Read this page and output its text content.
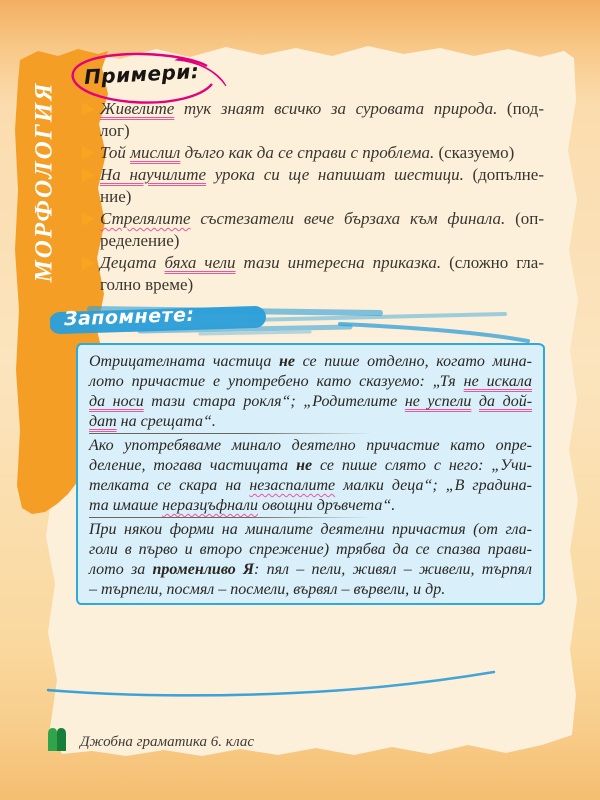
МОРФОЛОГИЯ
Примери:
Живелите тук знаят всичко за суровата природа. (под-
лог)
Той мислил дълго как да се справи с проблема. (сказуемо)
На научилите урока си ще напишат шестици. (допълне-
ние)
Стрелялите състезатели вече бързаха към финала. (оп-
ределение)
Децата бяха чели тази интересна приказка. (сложно гла-
голно време)
Запомнете:
Отрицателната частица не се пише отделно, когато мина-
лото причастие е употребено като сказуемо: „Тя не искала
да носи тази стара рокля“; „Родителите не успели да дой-
дат на срещата“.
Ако употребяваме минало деятелно причастие като опре-
деление, тогава частицата не се пише слято с него: „Учи-
телката се скара на незаспалите малки деца“; „В градина-
та имаше неразцъфнали овощни дръвчета“.
При някои форми на миналите деятелни причастия (от гла-
голи в първо и второ спрежение) трябва да се спазва прави-
лото за променливо Я: пял – пели, живял – живели, търпял
– търпели, посмял – посмели, вървял – вървели, и др.
Джобна граматика 6. клас
